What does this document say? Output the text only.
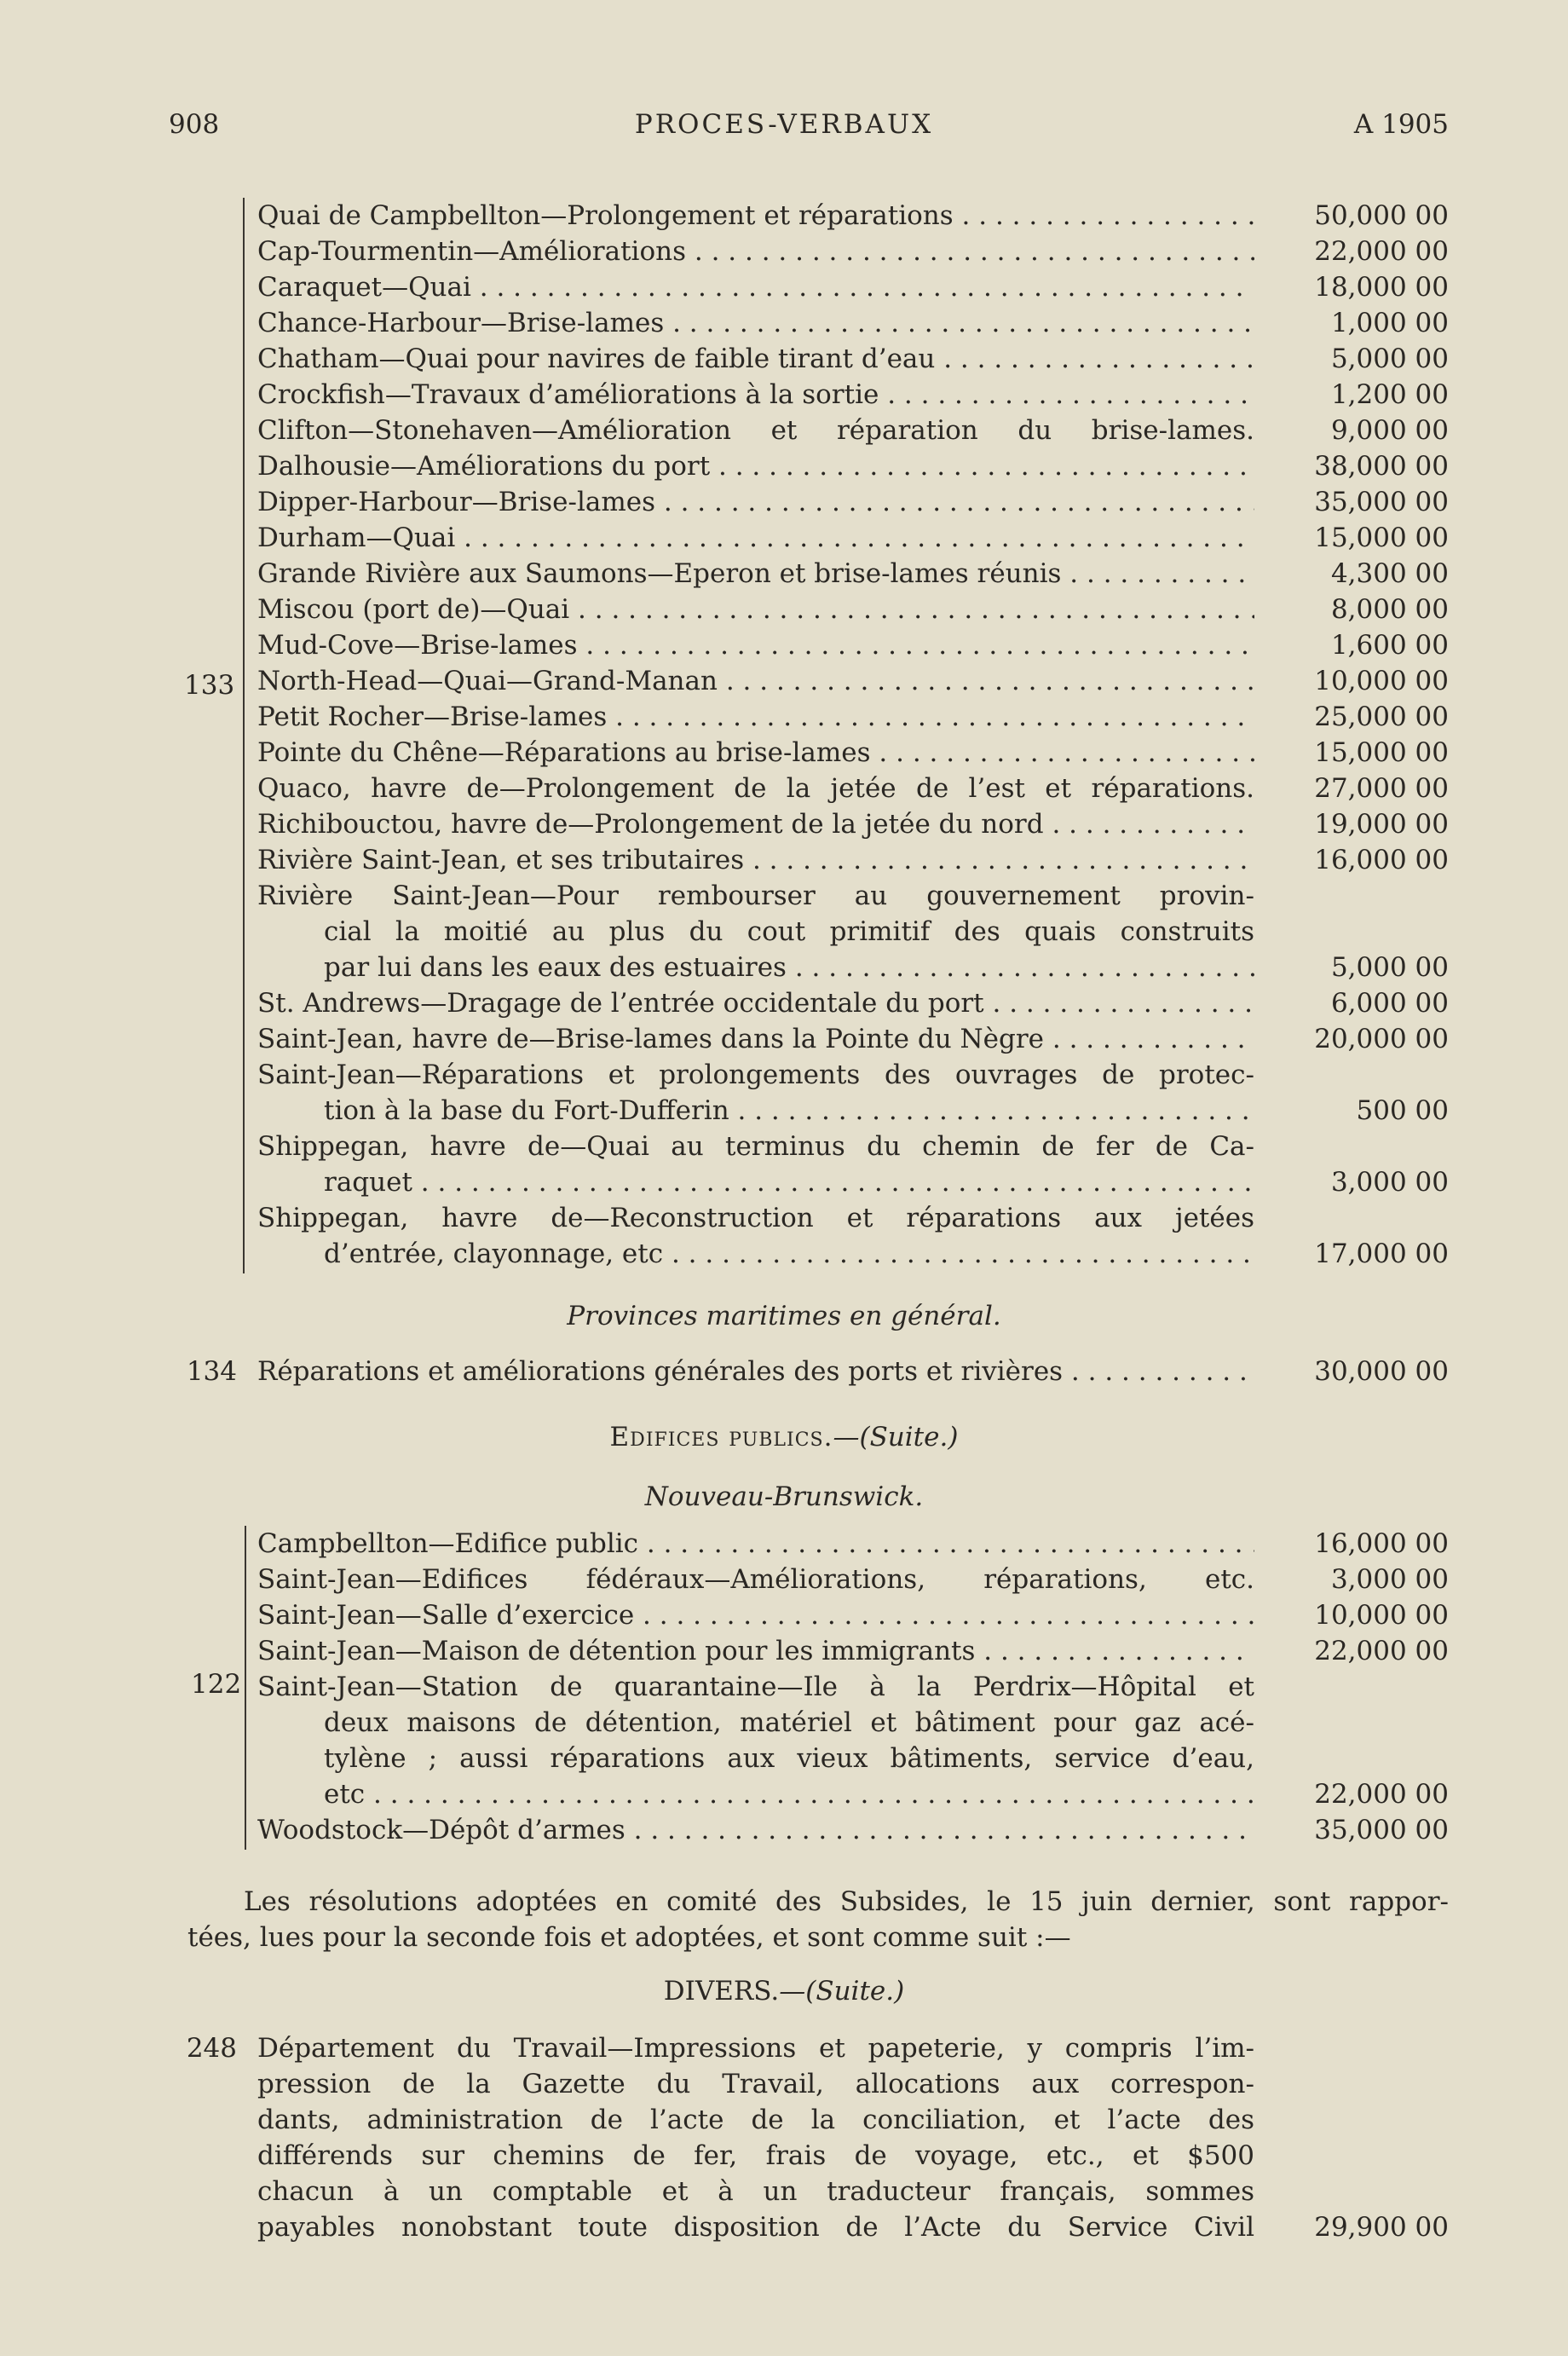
908	PROCES-VERBAUX	A 1905
133
Quai de Campbellton—Prolongement et réparations . . .	50,000 00
Cap-Tourmentin—Améliorations . . .	22,000 00
Caraquet—Quai . . .	18,000 00
Chance-Harbour—Brise-lames . . .	1,000 00
Chatham—Quai pour navires de faible tirant d’eau . . .	5,000 00
Crockfish—Travaux d’améliorations à la sortie . . .	1,200 00
Clifton—Stonehaven—Amélioration et réparation du brise-lames.	9,000 00
Dalhousie—Améliorations du port . . .	38,000 00
Dipper-Harbour—Brise-lames . . .	35,000 00
Durham—Quai . . .	15,000 00
Grande Rivière aux Saumons—Eperon et brise-lames réunis . . .	4,300 00
Miscou (port de)—Quai . . .	8,000 00
Mud-Cove—Brise-lames . . .	1,600 00
North-Head—Quai—Grand-Manan . . .	10,000 00
Petit Rocher—Brise-lames . . .	25,000 00
Pointe du Chêne—Réparations au brise-lames . . .	15,000 00
Quaco, havre de—Prolongement de la jetée de l’est et réparations.	27,000 00
Richibouctou, havre de—Prolongement de la jetée du nord . . .	19,000 00
Rivière Saint-Jean, et ses tributaires . . .	16,000 00
Rivière Saint-Jean—Pour rembourser au gouvernement provin-
cial la moitié au plus du cout primitif des quais construits
par lui dans les eaux des estuaires . . .	5,000 00
St. Andrews—Dragage de l’entrée occidentale du port . . .	6,000 00
Saint-Jean, havre de—Brise-lames dans la Pointe du Nègre . . .	20,000 00
Saint-Jean—Réparations et prolongements des ouvrages de protec-
tion à la base du Fort-Dufferin . . .	500 00
Shippegan, havre de—Quai au terminus du chemin de fer de Ca-
raquet . . .	3,000 00
Shippegan, havre de—Reconstruction et réparations aux jetées
d’entrée, clayonnage, etc . . .	17,000 00
Provinces maritimes en général.
134 Réparations et améliorations générales des ports et rivières . . .	30,000 00
Edifices publics.—(Suite.)
Nouveau-Brunswick.
122
Campbellton—Edifice public . . .	16,000 00
Saint-Jean—Edifices fédéraux—Améliorations, réparations, etc.	3,000 00
Saint-Jean—Salle d’exercice . . .	10,000 00
Saint-Jean—Maison de détention pour les immigrants . . .	22,000 00
Saint-Jean—Station de quarantaine—Ile à la Perdrix—Hôpital et
deux maisons de détention, matériel et bâtiment pour gaz acé-
tylène ; aussi réparations aux vieux bâtiments, service d’eau,
etc . . .	22,000 00
Woodstock—Dépôt d’armes . . .	35,000 00
Les résolutions adoptées en comité des Subsides, le 15 juin dernier, sont rappor-
tées, lues pour la seconde fois et adoptées, et sont comme suit :—
DIVERS.—(Suite.)
248 Département du Travail—Impressions et papeterie, y compris l’im-
pression de la Gazette du Travail, allocations aux correspon-
dants, administration de l’acte de la conciliation, et l’acte des
différends sur chemins de fer, frais de voyage, etc., et $500
chacun à un comptable et à un traducteur français, sommes
payables nonobstant toute disposition de l’Acte du Service Civil	29,900 00
